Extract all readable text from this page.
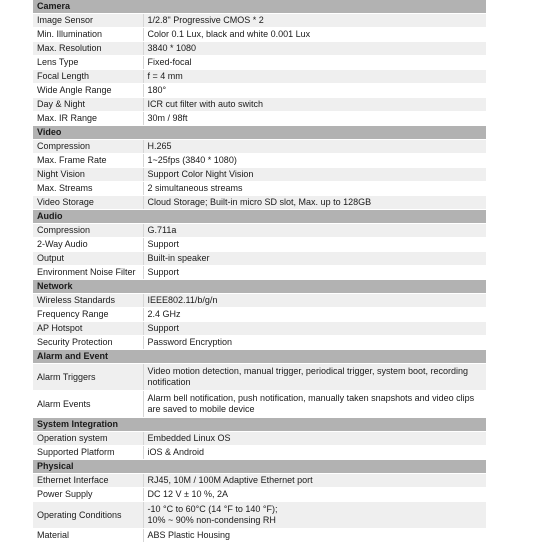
Camera	
Image Sensor	1/2.8" Progressive CMOS * 2

Min. Illumination	Color 0.1 Lux, black and white 0.001 Lux

Max. Resolution	3840 * 1080

Lens Type	Fixed-focal

Focal Length	f = 4 mm

Wide Angle Range	180°

Day & Night	ICR cut filter with auto switch

Max. IR Range	30m / 98ft

Video	
Compression	H.265

Max. Frame Rate	1~25fps (3840 * 1080)

Night Vision	Support Color Night Vision

Max. Streams	2 simultaneous streams

Video Storage	Cloud Storage; Built-in micro SD slot, Max. up to 128GB

Audio	
Compression	G.711a

2-Way Audio	Support

Output	Built-in speaker

Environment Noise Filter	Support

Network	
Wireless Standards	IEEE802.11/b/g/n

Frequency Range	2.4 GHz

AP Hotspot	Support

Security Protection	Password Encryption

Alarm and Event	
Alarm Triggers	Video motion detection, manual trigger, periodical trigger, system boot, recording
notification

Alarm Events	Alarm bell notification, push notification, manually taken snapshots and video clips
are saved to mobile device

System Integration	
Operation system	Embedded Linux OS

Supported Platform	iOS & Android

Physical	
Ethernet Interface	RJ45, 10M / 100M Adaptive Ethernet port

Power Supply	DC 12 V ± 10 %, 2A

Operating Conditions	-10 °C to 60°C (14 °F to 140 °F);
10% ~ 90% non-condensing RH

Material	ABS Plastic Housing
